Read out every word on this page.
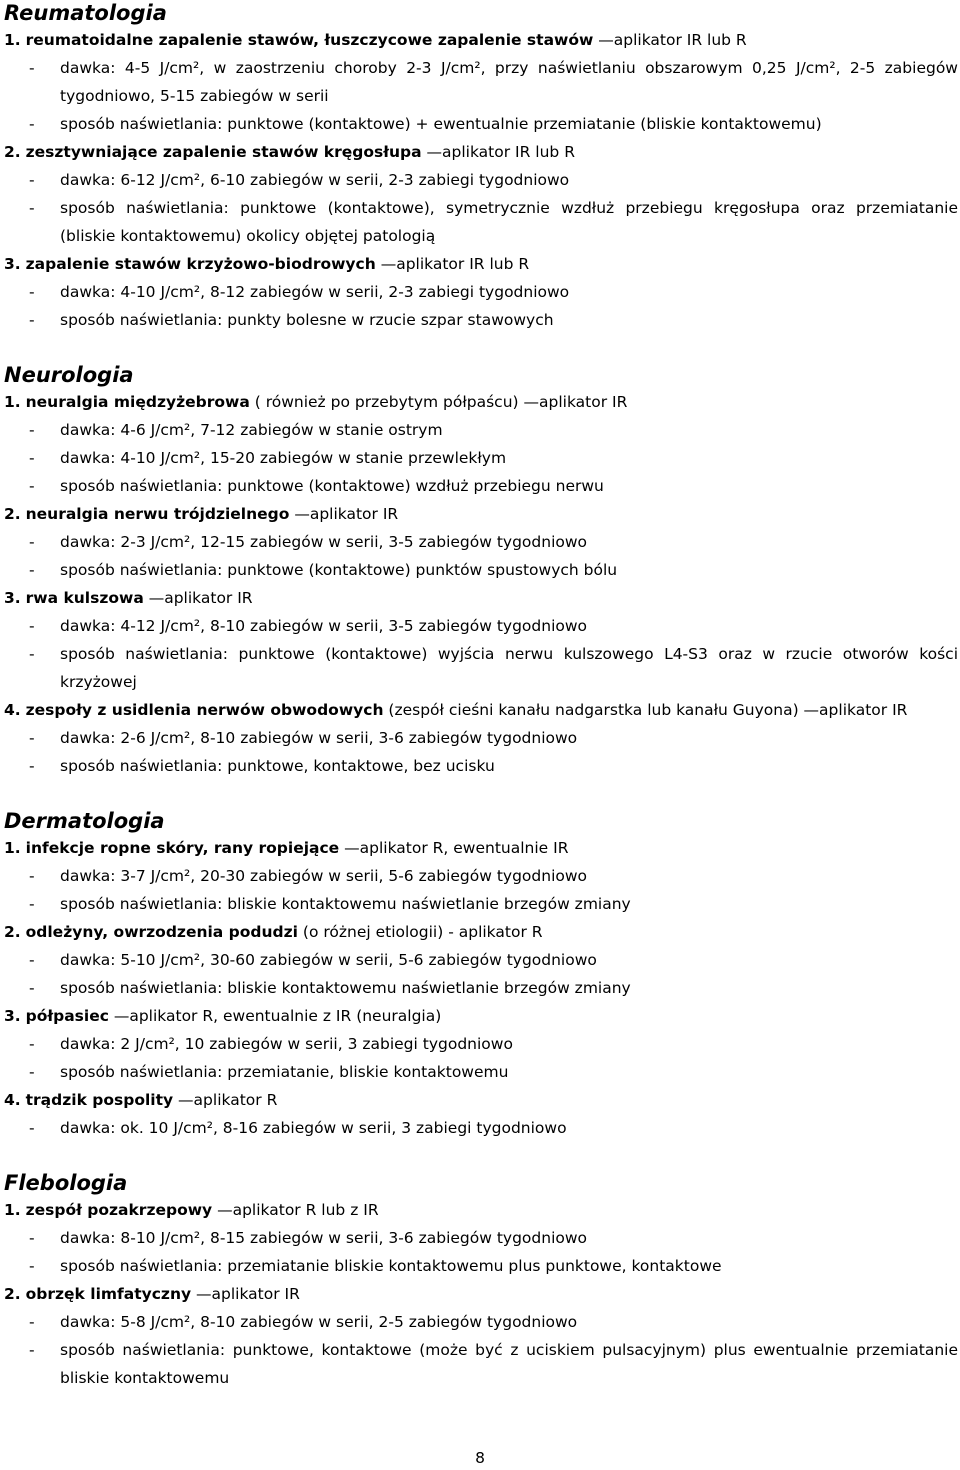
Reumatologia

1. reumatoidalne zapalenie stawów, łuszczycowe zapalenie stawów —aplikator IR lub R

- dawka: 4-5 J/cm², w zaostrzeniu choroby 2-3 J/cm², przy naświetlaniu obszarowym 0,25 J/cm², 2-5 zabiegów tygodniowo, 5-15 zabiegów w serii

- sposób naświetlania: punktowe (kontaktowe) + ewentualnie przemiatanie (bliskie kontaktowemu)

2. zesztywniające zapalenie stawów kręgosłupa —aplikator IR lub R

- dawka: 6-12 J/cm², 6-10 zabiegów w serii, 2-3 zabiegi tygodniowo

- sposób naświetlania: punktowe (kontaktowe), symetrycznie wzdłuż przebiegu kręgosłupa oraz przemiatanie (bliskie kontaktowemu) okolicy objętej patologią

3. zapalenie stawów krzyżowo-biodrowych —aplikator IR lub R

- dawka: 4-10 J/cm², 8-12 zabiegów w serii, 2-3 zabiegi tygodniowo

- sposób naświetlania: punkty bolesne w rzucie szpar stawowych

Neurologia

1. neuralgia międzyżebrowa ( również po przebytym półpaścu) —aplikator IR

- dawka: 4-6 J/cm², 7-12 zabiegów w stanie ostrym

- dawka: 4-10 J/cm², 15-20 zabiegów w stanie przewlekłym

- sposób naświetlania: punktowe (kontaktowe) wzdłuż przebiegu nerwu

2. neuralgia nerwu trójdzielnego —aplikator IR

- dawka: 2-3 J/cm², 12-15 zabiegów w serii, 3-5 zabiegów tygodniowo

- sposób naświetlania: punktowe (kontaktowe) punktów spustowych bólu

3. rwa kulszowa —aplikator IR

- dawka: 4-12 J/cm², 8-10 zabiegów w serii, 3-5 zabiegów tygodniowo

- sposób naświetlania: punktowe (kontaktowe) wyjścia nerwu kulszowego L4-S3 oraz w rzucie otworów kości krzyżowej

4. zespoły z usidlenia nerwów obwodowych (zespół cieśni kanału nadgarstka lub kanału Guyona) —aplikator IR

- dawka: 2-6 J/cm², 8-10 zabiegów w serii, 3-6 zabiegów tygodniowo

- sposób naświetlania: punktowe, kontaktowe, bez ucisku

Dermatologia

1. infekcje ropne skóry, rany ropiejące —aplikator R, ewentualnie IR

- dawka: 3-7 J/cm², 20-30 zabiegów w serii, 5-6 zabiegów tygodniowo

- sposób naświetlania: bliskie kontaktowemu naświetlanie brzegów zmiany

2. odleżyny, owrzodzenia podudzi (o różnej etiologii) - aplikator R

- dawka: 5-10 J/cm², 30-60 zabiegów w serii, 5-6 zabiegów tygodniowo

- sposób naświetlania: bliskie kontaktowemu naświetlanie brzegów zmiany

3. półpasiec —aplikator R, ewentualnie z IR (neuralgia)

- dawka: 2 J/cm², 10 zabiegów w serii, 3 zabiegi tygodniowo

- sposób naświetlania: przemiatanie, bliskie kontaktowemu

4. trądzik pospolity —aplikator R

- dawka: ok. 10 J/cm², 8-16 zabiegów w serii, 3 zabiegi tygodniowo

Flebologia

1. zespół pozakrzepowy —aplikator R lub z IR

- dawka: 8-10 J/cm², 8-15 zabiegów w serii, 3-6 zabiegów tygodniowo

- sposób naświetlania: przemiatanie bliskie kontaktowemu plus punktowe, kontaktowe

2. obrzęk limfatyczny —aplikator IR

- dawka: 5-8 J/cm², 8-10 zabiegów w serii, 2-5 zabiegów tygodniowo

- sposób naświetlania: punktowe, kontaktowe (może być z uciskiem pulsacyjnym) plus ewentualnie przemiatanie bliskie kontaktowemu

8
